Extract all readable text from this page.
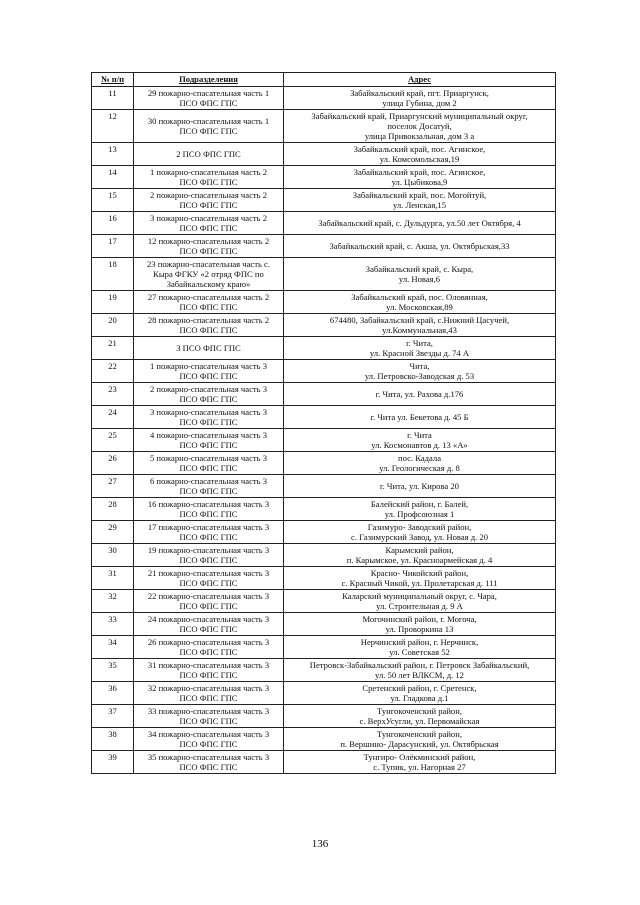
№ п/п	Подразделения	Адрес
11	29 пожарно-спасательная часть 1
ПСО ФПС ГПС	Забайкальский край, пгт. Приаргунск,
улица Губина, дом 2

12	30 пожарно-спасательная часть 1
ПСО ФПС ГПС	Забайкальский край, Приаргунский муниципальный округ,
поселок Досатуй,
улица Привокзальная, дом 3 а

13	2 ПСО ФПС ГПС	Забайкальский край, пос. Агинское,
ул. Комсомольская,19

14	1 пожарно-спасательная часть 2
ПСО ФПС ГПС	Забайкальский край, пос. Агинское,
ул. Цыбикова,9

15	2 пожарно-спасательная часть 2
ПСО ФПС ГПС	Забайкальский край, пос. Могойтуй,
ул. Ленская,15

16	3 пожарно-спасательная часть 2
ПСО ФПС ГПС	Забайкальский край, с. Дульдурга, ул.50 лет Октября, 4

17	12 пожарно-спасательная часть 2
ПСО ФПС ГПС	Забайкальский край, с. Акша, ул. Октябрьская,33

18	23 пожарно-спасательная часть с.
Кыра ФГКУ «2 отряд ФПС по
Забайкальскому краю»	Забайкальский край, с. Кыра,
ул. Новая,6

19	27 пожарно-спасательная часть 2
ПСО ФПС ГПС	Забайкальский край, пос. Оловянная,
ул. Московская,89

20	28 пожарно-спасательная часть 2
ПСО ФПС ГПС	674480, Забайкальский край, с.Нижний Цасучей,
ул.Коммунальная,43

21	3 ПСО ФПС ГПС	г. Чита,
ул. Красной Звезды д. 74 А

22	1 пожарно-спасательная часть 3
ПСО ФПС ГПС	Чита,
ул. Петровско-Заводская д. 53

23	2 пожарно-спасательная часть 3
ПСО ФПС ГПС	г. Чита, ул. Рахова д.176

24	3 пожарно-спасательная часть 3
ПСО ФПС ГПС	г. Чита ул. Бекетова д. 45 Б

25	4 пожарно-спасательная часть 3
ПСО ФПС ГПС	г. Чита
ул. Космонавтов д. 13 «А»

26	5 пожарно-спасательная часть 3
ПСО ФПС ГПС	пос. Кадала
ул. Геологическая д. 8

27	6 пожарно-спасательная часть 3
ПСО ФПС ГПС	г. Чита, ул. Кирова 20

28	16 пожарно-спасательная часть 3
ПСО ФПС ГПС	Балейский район, г. Балей,
ул. Профсоюзная 1

29	17 пожарно-спасательная часть 3
ПСО ФПС ГПС	Газимуро- Заводский район,
с. Газимурский Завод, ул. Новая д. 20

30	19 пожарно-спасательная часть 3
ПСО ФПС ГПС	Карымский район,
п. Карымское, ул. Красноармейская д. 4

31	21 пожарно-спасательная часть 3
ПСО ФПС ГПС	Красно- Чикойский район,
с. Красный Чикой, ул. Пролетарская д. 111

32	22 пожарно-спасательная часть 3
ПСО ФПС ГПС	Каларский муниципальный округ, с. Чара,
ул. Строительная д. 9 А

33	24 пожарно-спасательная часть 3
ПСО ФПС ГПС	Могочинский район, г. Могоча,
ул. Проворкина 13

34	26 пожарно-спасательная часть 3
ПСО ФПС ГПС	Нерчинский район, г. Нерчинск,
ул. Советская 52

35	31 пожарно-спасательная часть 3
ПСО ФПС ГПС	Петровск-Забайкальский район, г. Петровск Забайкальский,
ул. 50 лет ВЛКСМ, д. 12

36	32 пожарно-спасательная часть 3
ПСО ФПС ГПС	Сретенский район, г. Сретенск,
ул. Гладкова д.1

37	33 пожарно-спасательная часть 3
ПСО ФПС ГПС	Тунгокоченский район,
с. ВерхУсугли, ул. Первомайская

38	34 пожарно-спасательная часть 3
ПСО ФПС ГПС	Тунгокоченский район,
п. Вершино- Дарасунский, ул. Октябрьская

39	35 пожарно-спасательная часть 3
ПСО ФПС ГПС	Тунгиро- Олёкминский район,
с. Тупик, ул. Нагорная 27
136
